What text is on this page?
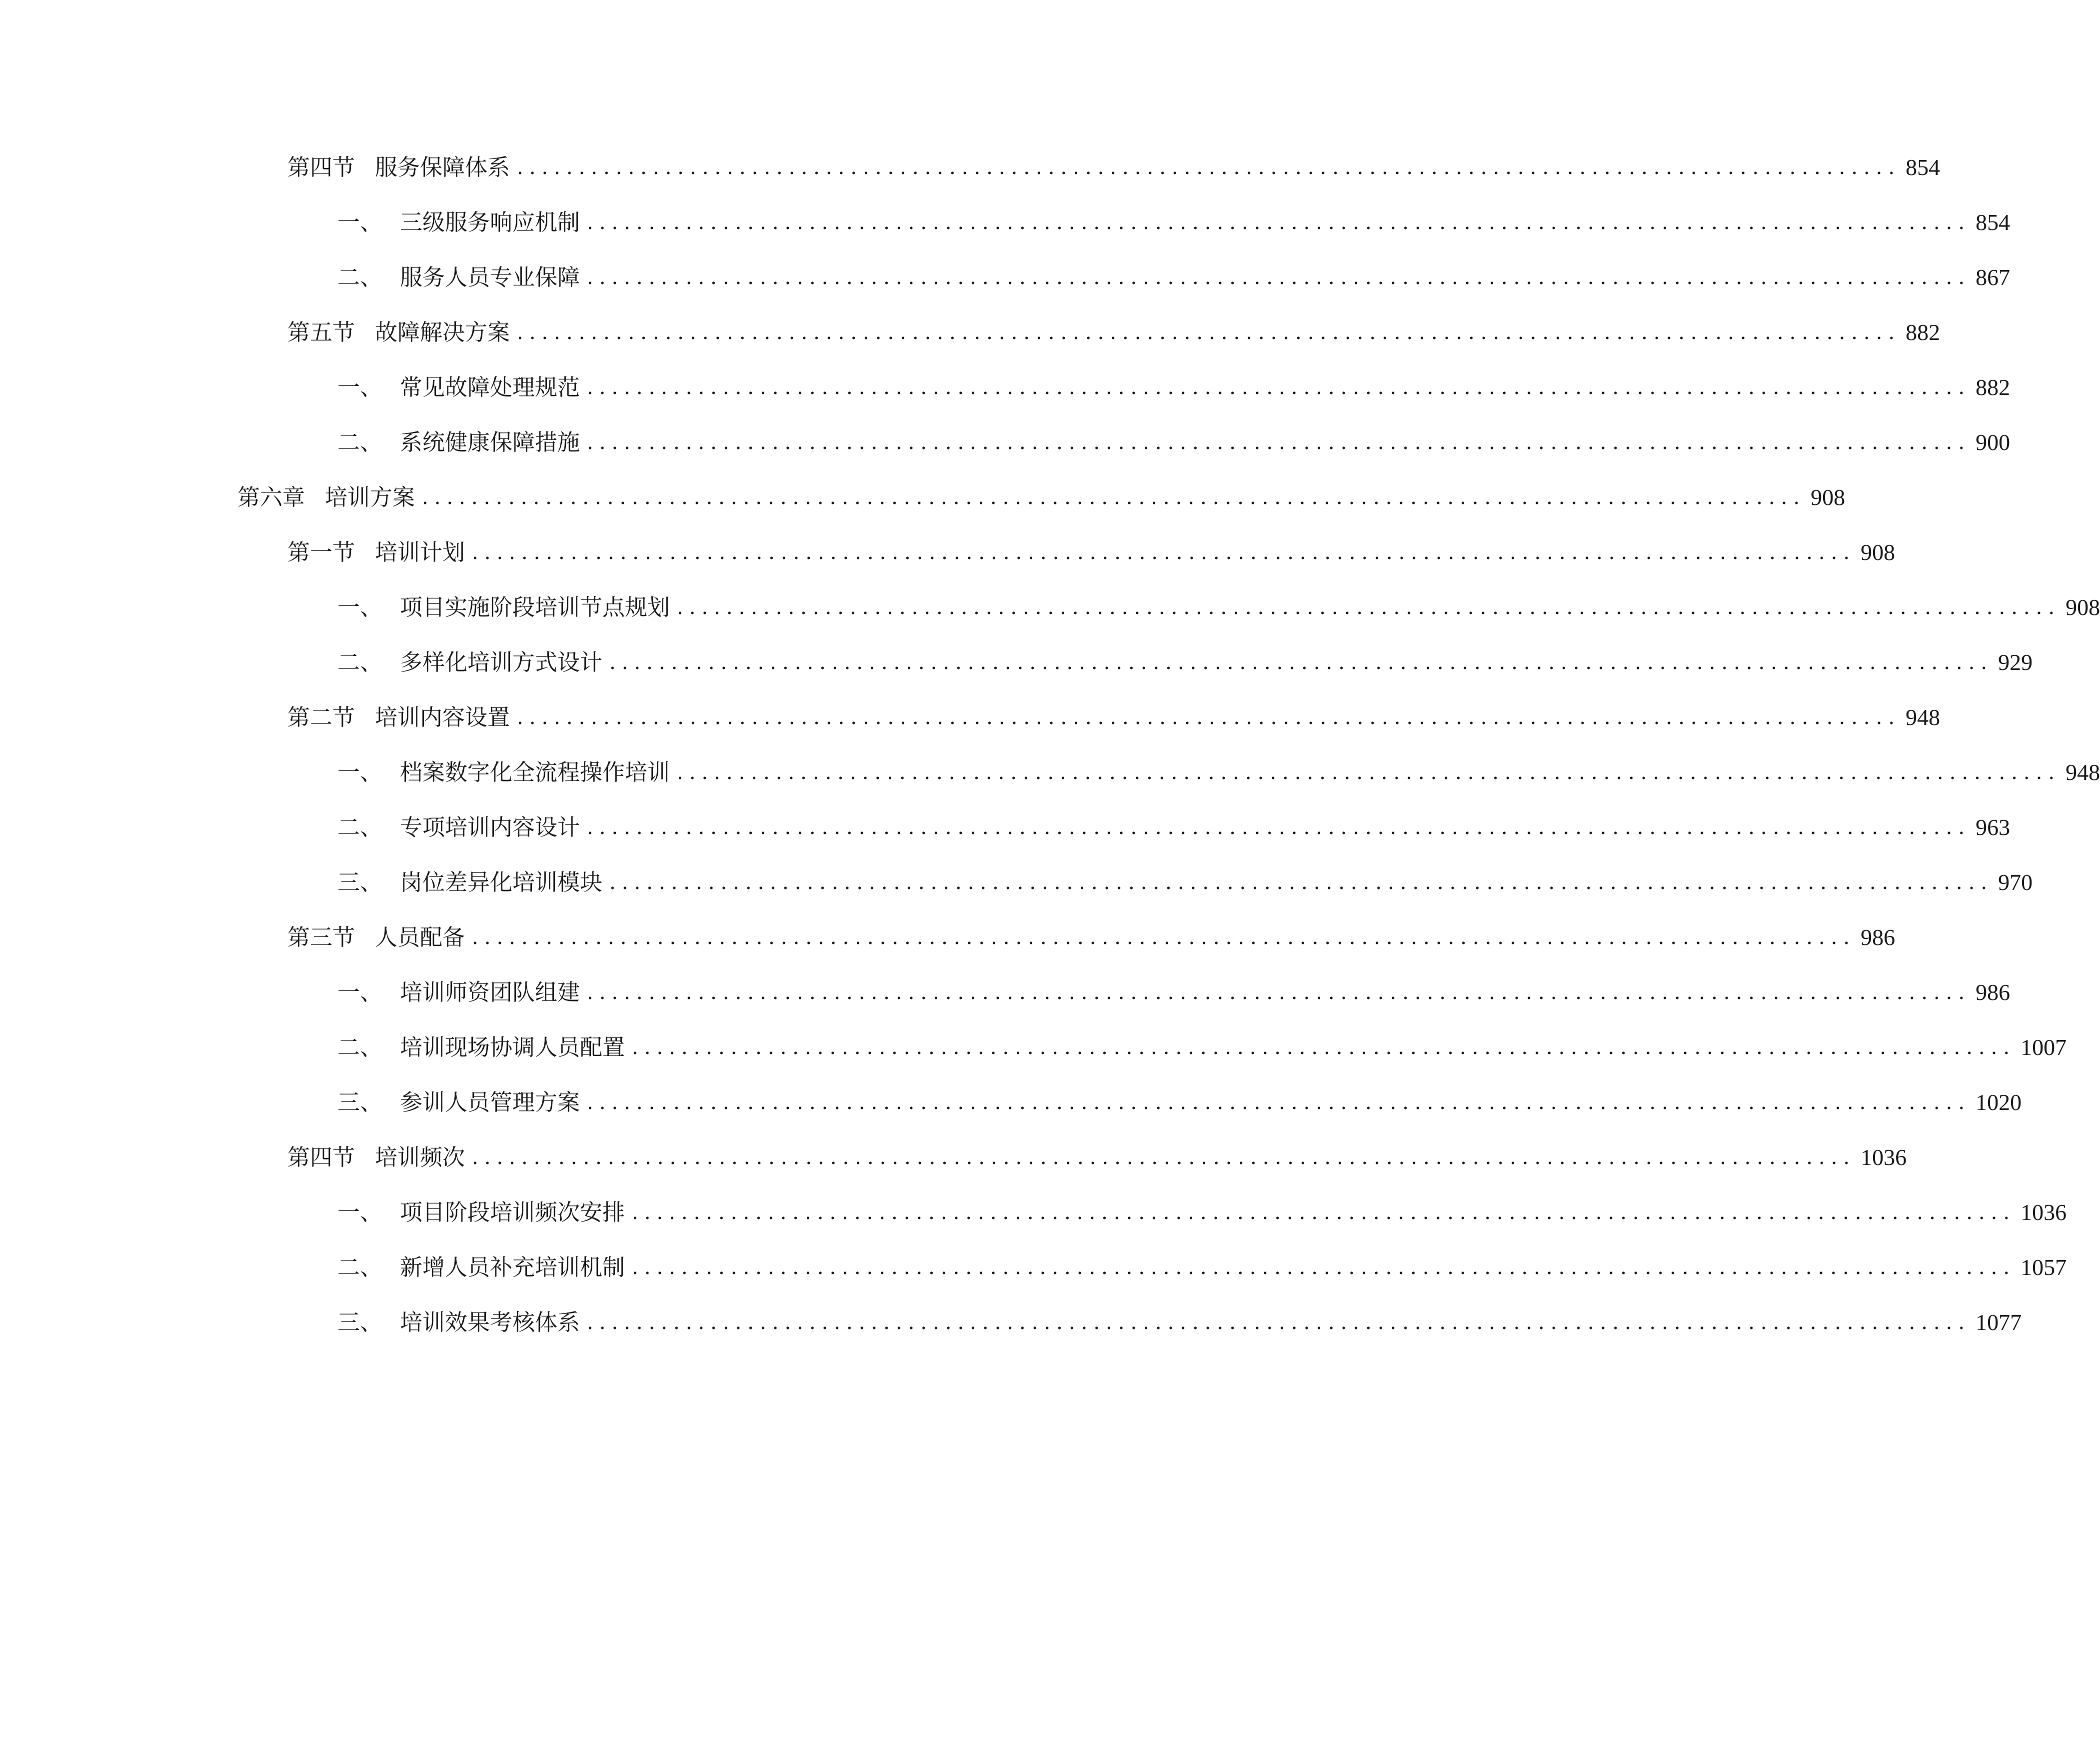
第四节 服务保障体系 ................................................................................................................ 854
一、 三级服务响应机制 ................................................................................................................ 854
二、 服务人员专业保障 ................................................................................................................ 867
第五节 故障解决方案 ................................................................................................................ 882
一、 常见故障处理规范 ................................................................................................................ 882
二、 系统健康保障措施 ................................................................................................................ 900
第六章 培训方案 ................................................................................................................ 908
第一节 培训计划 ................................................................................................................ 908
一、 项目实施阶段培训节点规划 ................................................................................................................ 908
二、 多样化培训方式设计 ................................................................................................................ 929
第二节 培训内容设置 ................................................................................................................ 948
一、 档案数字化全流程操作培训 ................................................................................................................ 948
二、 专项培训内容设计 ................................................................................................................ 963
三、 岗位差异化培训模块 ................................................................................................................ 970
第三节 人员配备 ................................................................................................................ 986
一、 培训师资团队组建 ................................................................................................................ 986
二、 培训现场协调人员配置 ................................................................................................................ 1007
三、 参训人员管理方案 ................................................................................................................ 1020
第四节 培训频次 ................................................................................................................ 1036
一、 项目阶段培训频次安排 ................................................................................................................ 1036
二、 新增人员补充培训机制 ................................................................................................................ 1057
三、 培训效果考核体系 ................................................................................................................ 1077
